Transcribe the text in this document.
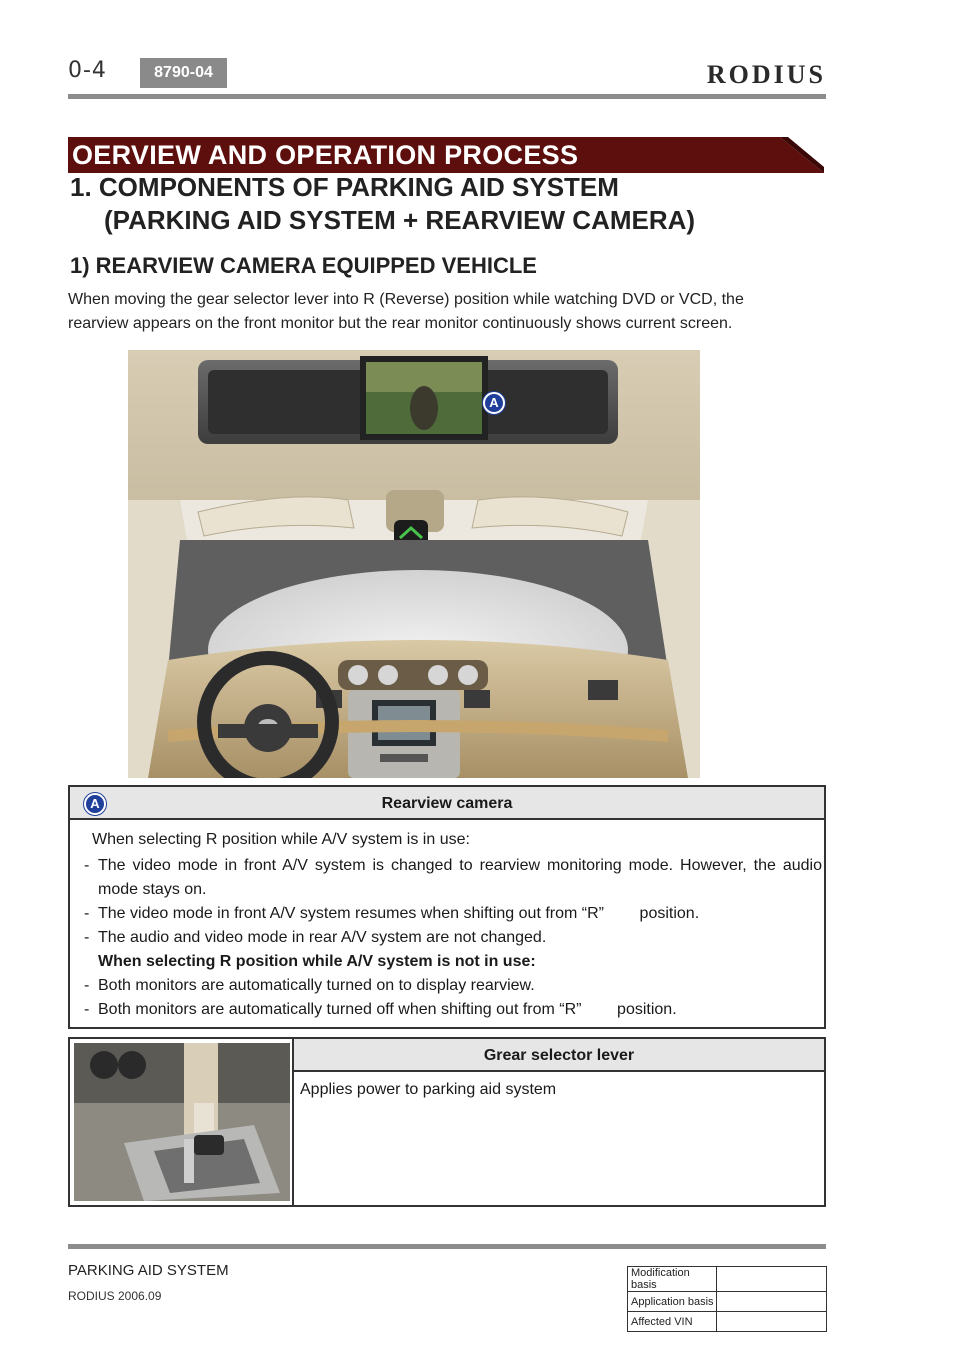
0-4	8790-04	RODIUS
OERVIEW AND OPERATION PROCESS
1. COMPONENTS OF PARKING AID SYSTEM
(PARKING AID SYSTEM + REARVIEW CAMERA)
1) REARVIEW CAMERA EQUIPPED VEHICLE
When moving the gear selector lever into R (Reverse) position while watching DVD or VCD, the
rearview appears on the front monitor but the rear monitor continuously shows current screen.
A
A	Rearview camera
When selecting R position while A/V system is in use:
- The video mode in front A/V system is changed to rearview monitoring mode. However, the audio mode stays on.
- The video mode in front A/V system resumes when shifting out from “R”        position.
- The audio and video mode in rear A/V system are not changed.
When selecting R position while A/V system is not in use:
- Both monitors are automatically turned on to display rearview.
- Both monitors are automatically turned off when shifting out from “R”        position.
Grear selector lever
Applies power to parking aid system
PARKING AID SYSTEM
RODIUS 2006.09
Modification basis	
Application basis	
Affected VIN	
